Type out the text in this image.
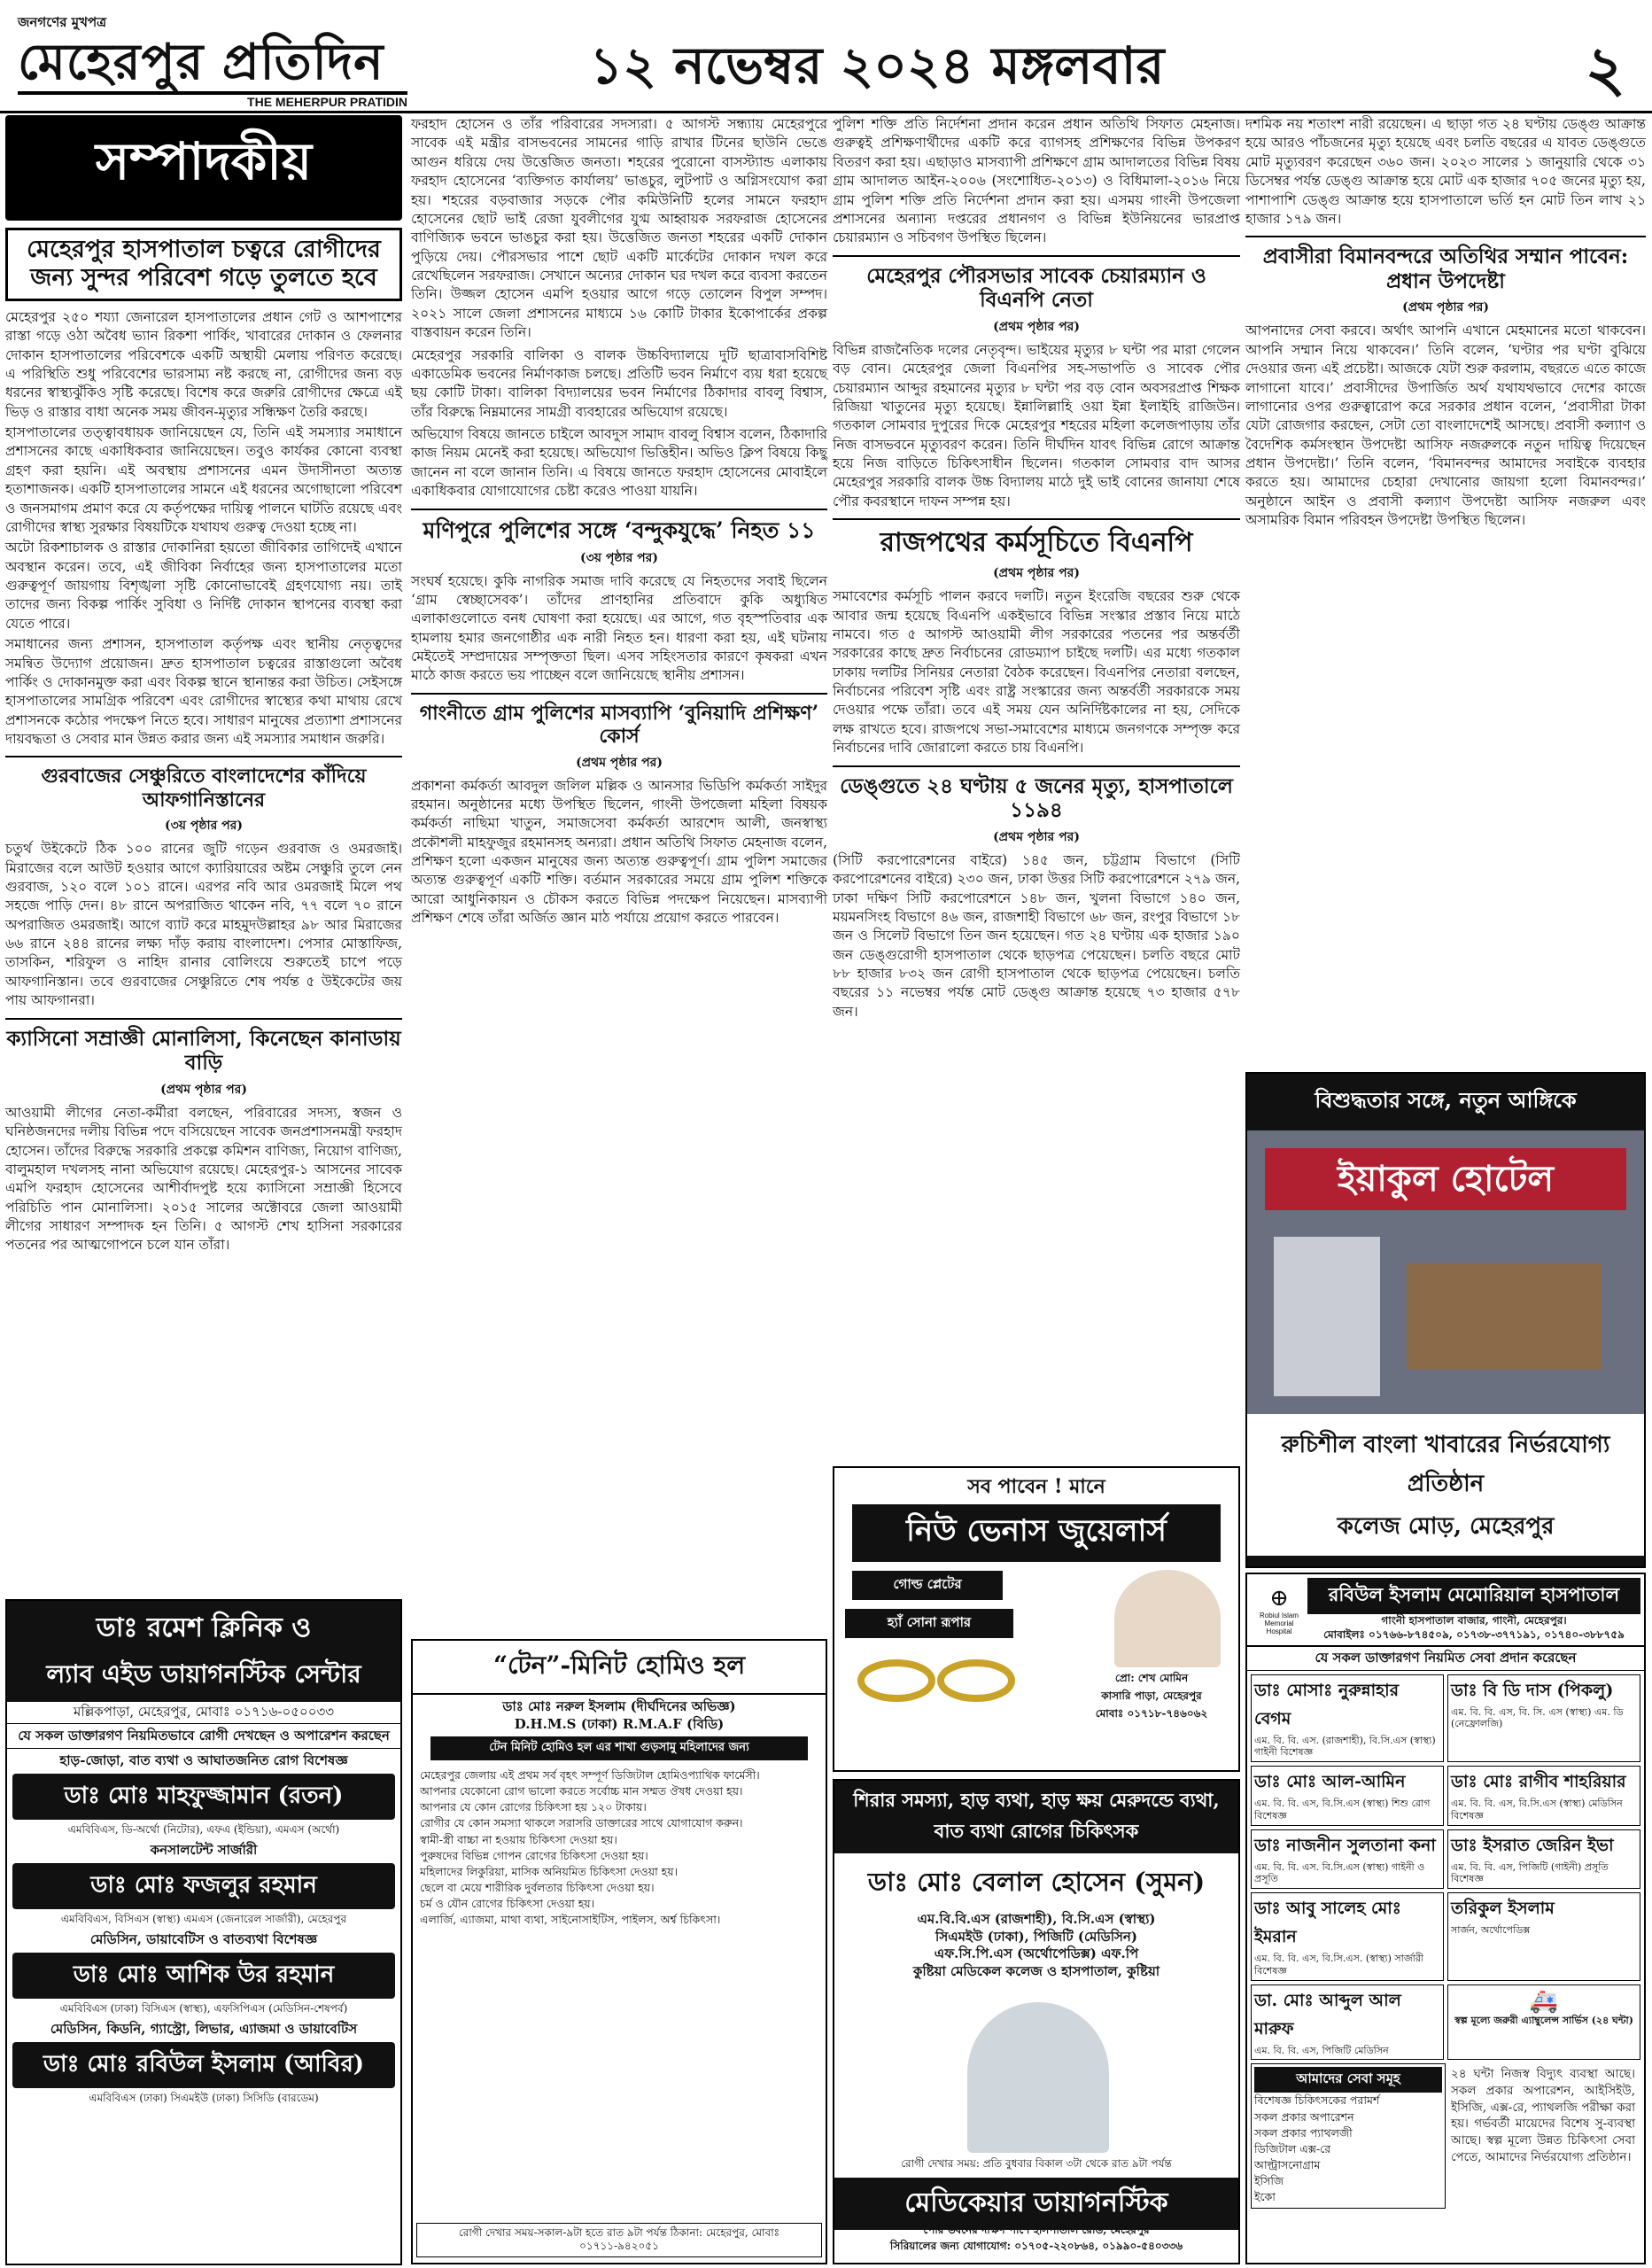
জনগণের মুখপত্র
মেহেরপুর প্রতিদিন
THE MEHERPUR PRATIDIN
১২ নভেম্বর ২০২৪ মঙ্গলবার	২
সম্পাদকীয়
মেহেরপুর হাসপাতাল চত্বরে রোগীদের জন্য সুন্দর পরিবেশ গড়ে তুলতে হবে

মেহেরপুর ২৫০ শয্যা জেনারেল হাসপাতালের প্রধান গেট ও আশপাশের রাস্তা গড়ে ওঠা অবৈধ ভ্যান রিকশা পার্কিং, খাবারের দোকান ও ফেলনার দোকান হাসপাতালের পরিবেশকে একটি অস্থায়ী মেলায় পরিণত করেছে। এ পরিস্থিতি শুধু পরিবেশের ভারসাম্য নষ্ট করছে না, রোগীদের জন্য বড় ধরনের স্বাস্থ্যঝুঁকিও সৃষ্টি করেছে। বিশেষ করে জরুরি রোগীদের ক্ষেত্রে এই ভিড় ও রাস্তার বাধা অনেক সময় জীবন-মৃত্যুর সন্ধিক্ষণ তৈরি করছে।

হাসপাতালের তত্ত্বাবধায়ক জানিয়েছেন যে, তিনি এই সমস্যার সমাধানে প্রশাসনের কাছে একাধিকবার জানিয়েছেন। তবুও কার্যকর কোনো ব্যবস্থা গ্রহণ করা হয়নি। এই অবস্থায় প্রশাসনের এমন উদাসীনতা অত্যন্ত হতাশাজনক। একটি হাসপাতালের সামনে এই ধরনের অগোছালো পরিবেশ ও জনসমাগম প্রমাণ করে যে কর্তৃপক্ষের দায়িত্ব পালনে ঘাটতি রয়েছে এবং রোগীদের স্বাস্থ্য সুরক্ষার বিষয়টিকে যথাযথ গুরুত্ব দেওয়া হচ্ছে না।

অটো রিকশাচালক ও রাস্তার দোকানিরা হয়তো জীবিকার তাগিদেই এখানে অবস্থান করেন। তবে, এই জীবিকা নির্বাহের জন্য হাসপাতালের মতো গুরুত্বপূর্ণ জায়গায় বিশৃঙ্খলা সৃষ্টি কোনোভাবেই গ্রহণযোগ্য নয়। তাই তাদের জন্য বিকল্প পার্কিং সুবিধা ও নির্দিষ্ট দোকান স্থাপনের ব্যবস্থা করা যেতে পারে।

সমাধানের জন্য প্রশাসন, হাসপাতাল কর্তৃপক্ষ এবং স্থানীয় নেতৃত্বদের সমন্বিত উদ্যোগ প্রয়োজন। দ্রুত হাসপাতাল চত্বরের রাস্তাগুলো অবৈধ পার্কিং ও দোকানমুক্ত করা এবং বিকল্প স্থানে স্থানান্তর করা উচিত। সেইসঙ্গে হাসপাতালের সামগ্রিক পরিবেশ এবং রোগীদের স্বাস্থ্যের কথা মাথায় রেখে প্রশাসনকে কঠোর পদক্ষেপ নিতে হবে। সাধারণ মানুষের প্রত্যাশা প্রশাসনের দায়বদ্ধতা ও সেবার মান উন্নত করার জন্য এই সমস্যার সমাধান জরুরি।

গুরবাজের সেঞ্চুরিতে বাংলাদেশের কাঁদিয়ে আফগানিস্তানের
(৩য় পৃষ্ঠার পর)
চতুর্থ উইকেটে ঠিক ১০০ রানের জুটি গড়েন গুরবাজ ও ওমরজাই। মিরাজের বলে আউট হওয়ার আগে ক্যারিয়ারের অষ্টম সেঞ্চুরি তুলে নেন গুরবাজ, ১২০ বলে ১০১ রানে। এরপর নবি আর ওমরজাই মিলে পথ সহজে পাড়ি দেন। ৪৮ রানে অপরাজিত থাকেন নবি, ৭৭ বলে ৭০ রানে অপরাজিত ওমরজাই। আগে ব্যাট করে মাহমুদউল্লাহর ৯৮ আর মিরাজের ৬৬ রানে ২৪৪ রানের লক্ষ্য দাঁড় করায় বাংলাদেশ। পেসার মোস্তাফিজ, তাসকিন, শরিফুল ও নাহিদ রানার বোলিংয়ে শুরুতেই চাপে পড়ে আফগানিস্তান। তবে গুরবাজের সেঞ্চুরিতে শেষ পর্যন্ত ৫ উইকেটের জয় পায় আফগানরা।
ক্যাসিনো সম্রাজ্ঞী মোনালিসা, কিনেছেন কানাডায় বাড়ি
(প্রথম পৃষ্ঠার পর)
আওয়ামী লীগের নেতা-কর্মীরা বলছেন, পরিবারের সদস্য, স্বজন ও ঘনিষ্ঠজনদের দলীয় বিভিন্ন পদে বসিয়েছেন সাবেক জনপ্রশাসনমন্ত্রী ফরহাদ হোসেন। তাঁদের বিরুদ্ধে সরকারি প্রকল্পে কমিশন বাণিজ্য, নিয়োগ বাণিজ্য, বালুমহাল দখলসহ নানা অভিযোগ রয়েছে। মেহেরপুর-১ আসনের সাবেক এমপি ফরহাদ হোসেনের আশীর্বাদপুষ্ট হয়ে ক্যাসিনো সম্রাজ্ঞী হিসেবে পরিচিতি পান মোনালিসা। ২০১৫ সালের অক্টোবরে জেলা আওয়ামী লীগের সাধারণ সম্পাদক হন তিনি। ৫ আগস্ট শেখ হাসিনা সরকারের পতনের পর আত্মগোপনে চলে যান তাঁরা।
ফরহাদ হোসেন ও তাঁর পরিবারের সদস্যরা। ৫ আগস্ট সন্ধ্যায় মেহেরপুরে সাবেক এই মন্ত্রীর বাসভবনের সামনের গাড়ি রাখার টিনের ছাউনি ভেঙে আগুন ধরিয়ে দেয় উত্তেজিত জনতা। শহরের পুরোনো বাসস্ট্যান্ড এলাকায় ফরহাদ হোসেনের ‘ব্যক্তিগত কার্যালয়’ ভাঙচুর, লুটপাট ও অগ্নিসংযোগ করা হয়। শহরের বড়বাজার সড়কে পৌর কমিউনিটি হলের সামনে ফরহাদ হোসেনের ছোট ভাই রেজা যুবলীগের যুগ্ম আহ্বায়ক সরফরাজ হোসেনের বাণিজ্যিক ভবনে ভাঙচুর করা হয়। উত্তেজিত জনতা শহরের একটি দোকান পুড়িয়ে দেয়। পৌরসভার পাশে ছোট একটি মার্কেটের দোকান দখল করে রেখেছিলেন সরফরাজ। সেখানে অন্যের দোকান ঘর দখল করে ব্যবসা করতেন তিনি। উজ্জল হোসেন এমপি হওয়ার আগে গড়ে তোলেন বিপুল সম্পদ। ২০২১ সালে জেলা প্রশাসনের মাধ্যমে ১৬ কোটি টাকার ইকোপার্কের প্রকল্প বাস্তবায়ন করেন তিনি।
মেহেরপুর সরকারি বালিকা ও বালক উচ্চবিদ্যালয়ে দুটি ছাত্রাবাসবিশিষ্ট একাডেমিক ভবনের নির্মাণকাজ চলছে। প্রতিটি ভবন নির্মাণে ব্যয় ধরা হয়েছে ছয় কোটি টাকা। বালিকা বিদ্যালয়ের ভবন নির্মাণের ঠিকাদার বাবলু বিশ্বাস, তাঁর বিরুদ্ধে নিম্নমানের সামগ্রী ব্যবহারের অভিযোগ রয়েছে।
অভিযোগ বিষয়ে জানতে চাইলে আবদুস সামাদ বাবলু বিশ্বাস বলেন, ঠিকাদারি কাজ নিয়ম মেনেই করা হয়েছে। অভিযোগ ভিত্তিহীন। অভিও ক্লিপ বিষয়ে কিছু জানেন না বলে জানান তিনি। এ বিষয়ে জানতে ফরহাদ হোসেনের মোবাইলে একাধিকবার যোগাযোগের চেষ্টা করেও পাওয়া যায়নি।
মণিপুরে পুলিশের সঙ্গে ‘বন্দুকযুদ্ধে’ নিহত ১১
(৩য় পৃষ্ঠার পর)
সংঘর্ষ হয়েছে। কুকি নাগরিক সমাজ দাবি করেছে যে নিহতদের সবাই ছিলেন ‘গ্রাম স্বেচ্ছাসেবক’। তাঁদের প্রাণহানির প্রতিবাদে কুকি অধ্যুষিত এলাকাগুলোতে বনধ ঘোষণা করা হয়েছে। এর আগে, গত বৃহস্পতিবার এক হামলায় হমার জনগোষ্ঠীর এক নারী নিহত হন। ধারণা করা হয়, এই ঘটনায় মেইতেই সম্প্রদায়ের সম্পৃক্ততা ছিল। এসব সহিংসতার কারণে কৃষকরা এখন মাঠে কাজ করতে ভয় পাচ্ছেন বলে জানিয়েছে স্থানীয় প্রশাসন।
গাংনীতে গ্রাম পুলিশের মাসব্যাপি ‘বুনিয়াদি প্রশিক্ষণ’ কোর্স
(প্রথম পৃষ্ঠার পর)
প্রকাশনা কর্মকর্তা আবদুল জলিল মল্লিক ও আনসার ভিডিপি কর্মকর্তা সাইদুর রহমান। অনুষ্ঠানের মধ্যে উপস্থিত ছিলেন, গাংনী উপজেলা মহিলা বিষয়ক কর্মকর্তা নাছিমা খাতুন, সমাজসেবা কর্মকর্তা আরশেদ আলী, জনস্বাস্থ্য প্রকৌশলী মাহফুজুর রহমানসহ অন্যরা। প্রধান অতিথি সিফাত মেহনাজ বলেন, প্রশিক্ষণ হলো একজন মানুষের জন্য অত্যন্ত গুরুত্বপূর্ণ। গ্রাম পুলিশ সমাজের অত্যন্ত গুরুত্বপূর্ণ একটি শক্তি। বর্তমান সরকারের সময়ে গ্রাম পুলিশ শক্তিকে আরো আধুনিকায়ন ও চৌকস করতে বিভিন্ন পদক্ষেপ নিয়েছেন। মাসব্যাপী প্রশিক্ষণ শেষে তাঁরা অর্জিত জ্ঞান মাঠ পর্যায়ে প্রয়োগ করতে পারবেন।
পুলিশ শক্তি প্রতি নির্দেশনা প্রদান করেন প্রধান অতিথি সিফাত মেহনাজ। গুরুত্বই প্রশিক্ষণার্থীদের একটি করে ব্যাগসহ প্রশিক্ষণের বিভিন্ন উপকরণ বিতরণ করা হয়। এছাড়াও মাসব্যাপী প্রশিক্ষণে গ্রাম আদালতের বিভিন্ন বিষয় গ্রাম আদালত আইন-২০০৬ (সংশোধিত-২০১৩) ও বিধিমালা-২০১৬ নিয়ে গ্রাম পুলিশ শক্তি প্রতি নির্দেশনা প্রদান করা হয়। এসময় গাংনী উপজেলা প্রশাসনের অন্যান্য দপ্তরের প্রধানগণ ও বিভিন্ন ইউনিয়নের ভারপ্রাপ্ত চেয়ারম্যান ও সচিবগণ উপস্থিত ছিলেন।
মেহেরপুর পৌরসভার সাবেক চেয়ারম্যান ও বিএনপি নেতা
(প্রথম পৃষ্ঠার পর)
বিভিন্ন রাজনৈতিক দলের নেতৃবৃন্দ। ভাইয়ের মৃত্যুর ৮ ঘন্টা পর মারা গেলেন বড় বোন। মেহেরপুর জেলা বিএনপির সহ-সভাপতি ও সাবেক পৌর চেয়ারম্যান আব্দুর রহমানের মৃত্যুর ৮ ঘন্টা পর বড় বোন অবসরপ্রাপ্ত শিক্ষক রিজিয়া খাতুনের মৃত্যু হয়েছে। ইন্নালিল্লাহি ওয়া ইন্না ইলাইহি রাজিউন। গতকাল সোমবার দুপুরের দিকে মেহেরপুর শহরের মহিলা কলেজপাড়ায় তাঁর নিজ বাসভবনে মৃত্যুবরণ করেন। তিনি দীর্ঘদিন যাবৎ বিভিন্ন রোগে আক্রান্ত হয়ে নিজ বাড়িতে চিকিৎসাধীন ছিলেন। গতকাল সোমবার বাদ আসর মেহেরপুর সরকারি বালক উচ্চ বিদ্যালয় মাঠে দুই ভাই বোনের জানাযা শেষে পৌর কবরস্থানে দাফন সম্পন্ন হয়।
রাজপথের কর্মসূচিতে বিএনপি
(প্রথম পৃষ্ঠার পর)
সমাবেশের কর্মসূচি পালন করবে দলটি। নতুন ইংরেজি বছরের শুরু থেকে আবার জন্ম হয়েছে বিএনপি একইভাবে বিভিন্ন সংস্কার প্রস্তাব নিয়ে মাঠে নামবে। গত ৫ আগস্ট আওয়ামী লীগ সরকারের পতনের পর অন্তর্বর্তী সরকারের কাছে দ্রুত নির্বাচনের রোডম্যাপ চাইছে দলটি। এর মধ্যে গতকাল ঢাকায় দলটির সিনিয়র নেতারা বৈঠক করেছেন। বিএনপির নেতারা বলছেন, নির্বাচনের পরিবেশ সৃষ্টি এবং রাষ্ট্র সংস্কারের জন্য অন্তর্বর্তী সরকারকে সময় দেওয়ার পক্ষে তাঁরা। তবে এই সময় যেন অনির্দিষ্টকালের না হয়, সেদিকে লক্ষ রাখতে হবে। রাজপথে সভা-সমাবেশের মাধ্যমে জনগণকে সম্পৃক্ত করে নির্বাচনের দাবি জোরালো করতে চায় বিএনপি।
ডেঙ্গুতে ২৪ ঘণ্টায় ৫ জনের মৃত্যু, হাসপাতালে ১১৯৪
(প্রথম পৃষ্ঠার পর)
(সিটি করপোরেশনের বাইরে) ১৪৫ জন, চট্টগ্রাম বিভাগে (সিটি করপোরেশনের বাইরে) ২৩০ জন, ঢাকা উত্তর সিটি করপোরেশনে ২৭৯ জন, ঢাকা দক্ষিণ সিটি করপোরেশনে ১৪৮ জন, খুলনা বিভাগে ১৪০ জন, ময়মনসিংহ বিভাগে ৪৬ জন, রাজশাহী বিভাগে ৬৮ জন, রংপুর বিভাগে ১৮ জন ও সিলেট বিভাগে তিন জন হয়েছেন। গত ২৪ ঘণ্টায় এক হাজার ১৯০ জন ডেঙ্গুরোগী হাসপাতাল থেকে ছাড়পত্র পেয়েছেন। চলতি বছরে মোট ৮৮ হাজার ৮৩২ জন রোগী হাসপাতাল থেকে ছাড়পত্র পেয়েছেন। চলতি বছরের ১১ নভেম্বর পর্যন্ত মোট ডেঙ্গু আক্রান্ত হয়েছে ৭৩ হাজার ৫৭৮ জন।
দশমিক নয় শতাংশ নারী রয়েছেন। এ ছাড়া গত ২৪ ঘণ্টায় ডেঙ্গু আক্রান্ত হয়ে আরও পাঁচজনের মৃত্যু হয়েছে এবং চলতি বছরের এ যাবত ডেঙ্গুতে মোট মৃত্যুবরণ করেছেন ৩৬০ জন। ২০২৩ সালের ১ জানুয়ারি থেকে ৩১ ডিসেম্বর পর্যন্ত ডেঙ্গু আক্রান্ত হয়ে মোট এক হাজার ৭০৫ জনের মৃত্যু হয়, পাশাপাশি ডেঙ্গু আক্রান্ত হয়ে হাসপাতালে ভর্তি হন মোট তিন লাখ ২১ হাজার ১৭৯ জন।
প্রবাসীরা বিমানবন্দরে অতিথির সম্মান পাবেন: প্রধান উপদেষ্টা
(প্রথম পৃষ্ঠার পর)
আপনাদের সেবা করবে। অর্থাৎ আপনি এখানে মেহমানের মতো থাকবেন। আপনি সম্মান নিয়ে থাকবেন।’ তিনি বলেন, ‘ঘণ্টার পর ঘণ্টা বুঝিয়ে দেওয়ার জন্য এই প্রচেষ্টা। আজকে যেটা শুরু করলাম, বছরতে এতে কাজে লাগানো যাবে।’ প্রবাসীদের উপার্জিত অর্থ যথাযথভাবে দেশের কাজে লাগানোর ওপর গুরুত্বারোপ করে সরকার প্রধান বলেন, ‘প্রবাসীরা টাকা যেটা রোজগার করছেন, সেটা তো বাংলাদেশেই আসছে। প্রবাসী কল্যাণ ও বৈদেশিক কর্মসংস্থান উপদেষ্টা আসিফ নজরুলকে নতুন দায়িত্ব দিয়েছেন প্রধান উপদেষ্টা।’ তিনি বলেন, ‘বিমানবন্দর আমাদের সবাইকে ব্যবহার করতে হয়। আমাদের চেহারা দেখানোর জায়গা হলো বিমানবন্দর।’ অনুষ্ঠানে আইন ও প্রবাসী কল্যাণ উপদেষ্টা আসিফ নজরুল এবং অসামরিক বিমান পরিবহন উপদেষ্টা উপস্থিত ছিলেন।
বিশুদ্ধতার সঙ্গে, নতুন আঙ্গিকে
ইয়াকুল হোটেল
রুচিশীল বাংলা খাবারের নির্ভরযোগ্য প্রতিষ্ঠান
কলেজ মোড়, মেহেরপুর
ডাঃ রমেশ ক্লিনিক ও
ল্যাব এইড ডায়াগনস্টিক সেন্টার
মল্লিকপাড়া, মেহেরপুর, মোবাঃ ০১৭১৬-০৫০০৩৩
যে সকল ডাক্তারগণ নিয়মিতভাবে রোগী দেখছেন ও অপারেশন করছেন
হাড়-জোড়া, বাত ব্যথা ও আঘাতজনিত রোগ বিশেষজ্ঞ
ডাঃ মোঃ মাহফুজ্জামান (রতন)
এমবিবিএস, ডি-অর্থো (নিটোর), এফএ (ইন্ডিয়া), এমএস (অর্থো)
কনসালটেন্ট সার্জারী
ডাঃ মোঃ ফজলুর রহমান
এমবিবিএস, বিসিএস (স্বাস্থ্য) এমএস (জেনারেল সার্জারী), মেহেরপুর
মেডিসিন, ডায়াবেটিস ও বাতব্যথা বিশেষজ্ঞ
ডাঃ মোঃ আশিক উর রহমান
এমবিবিএস (ঢাকা) বিসিএস (স্বাস্থ্য), এফসিপিএস (মেডিসিন-শেষপর্ব)
মেডিসিন, কিডনি, গ্যাস্ট্রো, লিভার, এ্যাজমা ও ডায়াবেটিস
ডাঃ মোঃ রবিউল ইসলাম (আবির)
এমবিবিএস (ঢাকা) সিএমইউ (ঢাকা) সিসিডি (বারডেম)
“টেন”-মিনিট হোমিও হল
ডাঃ মোঃ নরুল ইসলাম (দীর্ঘদিনের অভিজ্ঞ)
D.H.M.S (ঢাকা) R.M.A.F (বিডি)
টেন মিনিট হোমিও হল এর শাখা গুড়সামু মহিলাদের জন্য
মেহেরপুর জেলায় এই প্রথম সর্ব বৃহৎ সম্পূর্ণ ডিজিটাল হোমিওপ্যাথিক ফার্মেসী।
আপনার যেকোনো রোগ ভালো করতে সর্বোচ্চ মান সম্মত ঔষধ দেওয়া হয়।
আপনার যে কোন রোগের চিকিৎসা হয় ১২০ টাকায়।
রোগীর যে কোন সমস্যা থাকলে সরাসরি ডাক্তারের সাথে যোগাযোগ করুন।
স্বামী-স্ত্রী বাচ্চা না হওয়ায় চিকিৎসা দেওয়া হয়।
পুরুষদের বিভিন্ন গোপন রোগের চিকিৎসা দেওয়া হয়।
মহিলাদের লিকুরিয়া, মাসিক অনিয়মিত চিকিৎসা দেওয়া হয়।
ছেলে বা মেয়ে শারীরিক দুর্বলতার চিকিৎসা দেওয়া হয়।
চর্ম ও যৌন রোগের চিকিৎসা দেওয়া হয়।
এলার্জি, এ্যাজমা, মাথা ব্যথা, সাইনোসাইটিস, পাইলস, অর্শ্ব চিকিৎসা।
রোগী দেখার সময়-সকাল-৯টা হতে রাত ৯টা পর্যন্ত ঠিকানা: মেহেরপুর, মোবাঃ ০১৭১১-৯৪২০৫১
সব পাবেন ! মানে
নিউ ভেনাস জুয়েলার্স
গোল্ড প্লেটের
হ্যাঁ সোনা রূপার
প্রো: শেখ মোমিন
কাসারি পাড়া, মেহেরপুর
মোবাঃ ০১৭১৮-৭৪৬০৬২
শিরার সমস্যা, হাড় ব্যথা, হাড় ক্ষয় মেরুদন্ডে ব্যথা, বাত ব্যথা রোগের চিকিৎসক
ডাঃ মোঃ বেলাল হোসেন (সুমন)
এম.বি.বি.এস (রাজশাহী), বি.সি.এস (স্বাস্থ্য)
সিএমইউ (ঢাকা), পিজিটি (মেডিসিন)
এফ.সি.পি.এস (অর্থোপেডিক্স) এফ.পি
কুষ্টিয়া মেডিকেল কলেজ ও হাসপাতাল, কুষ্টিয়া
রোগী দেখার সময়: প্রতি বুধবার বিকাল ৩টা থেকে রাত ৯টা পর্যন্ত
মেডিকেয়ার ডায়াগনস্টিক
পৌর ভবনের দক্ষিণ পাশে হাসপাতাল রোড, মেহেরপুর
সিরিয়ালের জন্য যোগাযোগ: ০১৭০৫-২২০৮৬৪, ০১৯৯০-৫৪০৩৩৬
⊕
Robiul Islam Memorial Hospital
রবিউল ইসলাম মেমোরিয়াল হাসপাতাল
গাংনী হাসপাতাল বাজার, গাংনী, মেহেরপুর।
মোবাইলঃ ০১৭৬৬-৮৭৪৫০৯, ০১৭৩৮-৩৭৭১৯১, ০১৭৪০-৩৮৮৭৫৯
যে সকল ডাক্তারগণ নিয়মিত সেবা প্রদান করেছেন
ডাঃ মোসাঃ নুরুন্নাহার বেগম
এম. বি. বি. এস. (রাজশাহী), বি.সি.এস (স্বাস্থ্য) গাইনী বিশেষজ্ঞ
ডাঃ বি ডি দাস (পিকলু)
এম. বি. বি. এস, বি. সি. এস (স্বাস্থ্য) এম. ডি (নেফ্রোলজি)
ডাঃ মোঃ আল-আমিন
এম. বি. বি. এস, বি.সি.এস (স্বাস্থ্য) শিশু রোগ বিশেষজ্ঞ
ডাঃ মোঃ রাগীব শাহরিয়ার
এম. বি. বি. এস, বি.সি.এস (স্বাস্থ্য) মেডিসিন বিশেষজ্ঞ
ডাঃ নাজনীন সুলতানা কনা
এম. বি. বি. এস. বি.সি.এস (স্বাস্থ্য) গাইনী ও প্রসূতি
ডাঃ ইসরাত জেরিন ইভা
এম. বি. বি. এস, পিজিটি (গাইনী) প্রসূতি বিশেষজ্ঞ
ডাঃ আবু সালেহ মোঃ ইমরান
এম. বি. বি. এস, বি.সি.এস. (স্বাস্থ্য) সার্জারী বিশেষজ্ঞ
তরিকুল ইসলাম
সার্জন, অর্থোপেডিক্স
ডা. মোঃ আব্দুল আল মারুফ
এম. বি. বি. এস, পিজিটি মেডিসিন
🚑
স্বল্প মূল্যে জরুরী এ্যাম্বুলেন্স সার্ভিস (২৪ ঘন্টা)
আমাদের সেবা সমূহ
বিশেষজ্ঞ চিকিৎসকের পরামর্শ
সকল প্রকার অপারেশন
সকল প্রকার প্যাথলজী
ডিজিটাল এক্স-রে
আল্ট্রাসনোগ্রাম
ইসিজি
ইকো
২৪ ঘন্টা নিজস্ব বিদ্যুৎ ব্যবস্থা আছে। সকল প্রকার অপারেশন, আইসিইউ, ইসিজি, এক্স-রে, প্যাথলজি পরীক্ষা করা হয়। গর্ভবর্তী মায়েদের বিশেষ সু-ব্যবস্থা আছে। স্বল্প মূল্যে উন্নত চিকিৎসা সেবা পেতে, আমাদের নির্ভরযোগ্য প্রতিষ্ঠান।
